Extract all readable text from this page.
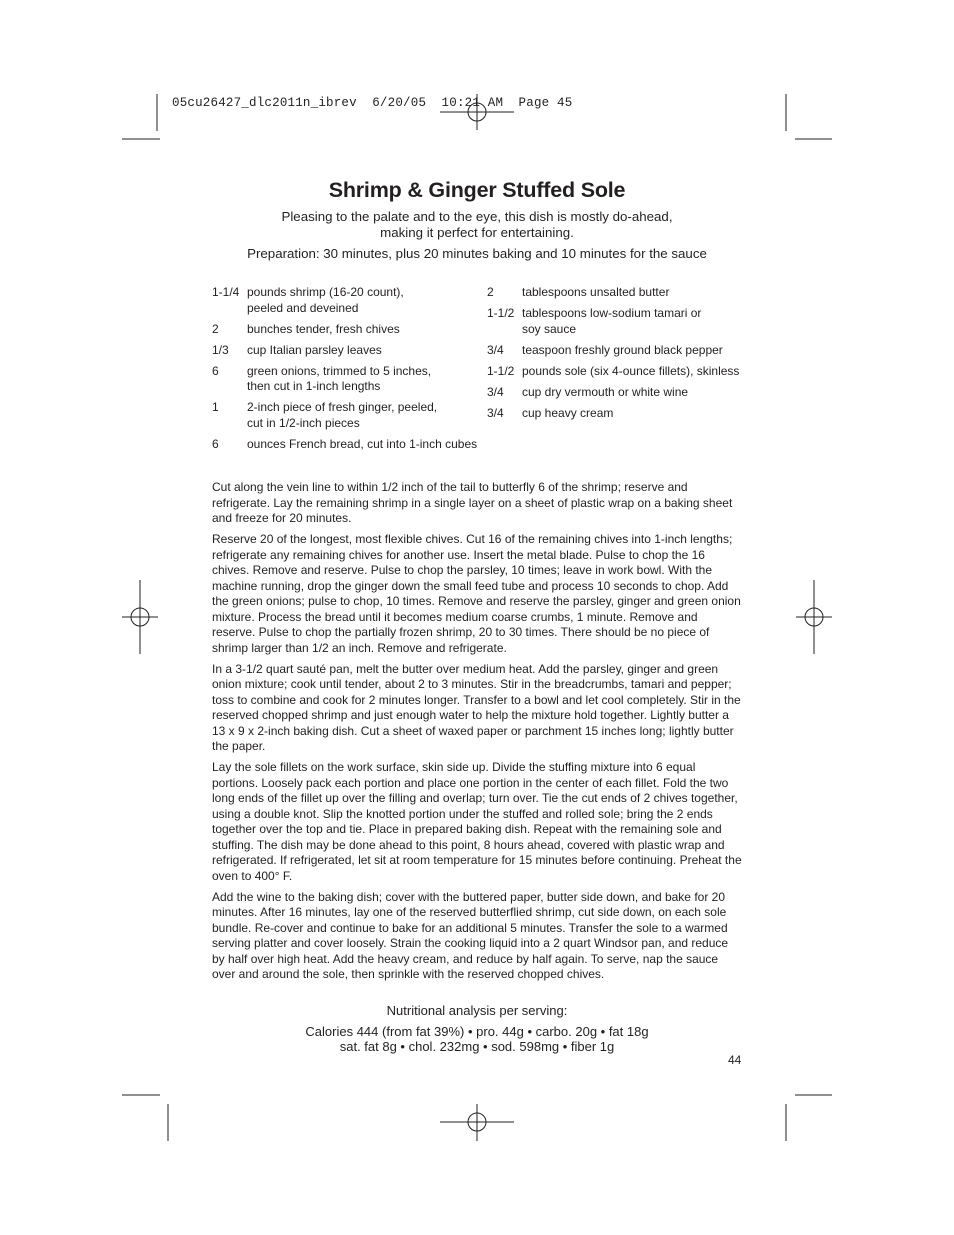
05cu26427_dlc2011n_ibrev  6/20/05  10:21 AM  Page 45
Shrimp & Ginger Stuffed Sole
Pleasing to the palate and to the eye, this dish is mostly do-ahead,
making it perfect for entertaining.
Preparation: 30 minutes, plus 20 minutes baking and 10 minutes for the sauce
1-1/4 pounds shrimp (16-20 count),
peeled and deveined
2	bunches tender, fresh chives
1/3	cup Italian parsley leaves
6	green onions, trimmed to 5 inches,
then cut in 1-inch lengths
1	2-inch piece of fresh ginger, peeled,
cut in 1/2-inch pieces
6	ounces French bread, cut into 1-inch cubes
2	tablespoons unsalted butter
1-1/2 tablespoons low-sodium tamari or
soy sauce
3/4	teaspoon freshly ground black pepper
1-1/2 pounds sole (six 4-ounce fillets), skinless
3/4	cup dry vermouth or white wine
3/4	cup heavy cream

Cut along the vein line to within 1/2 inch of the tail to butterfly 6 of the shrimp; reserve and refrigerate. Lay the remaining shrimp in a single layer on a sheet of plastic wrap on a baking sheet and freeze for 20 minutes.

Reserve 20 of the longest, most flexible chives. Cut 16 of the remaining chives into 1-inch lengths; refrigerate any remaining chives for another use. Insert the metal blade. Pulse to chop the 16 chives. Remove and reserve. Pulse to chop the parsley, 10 times; leave in work bowl. With the machine running, drop the ginger down the small feed tube and process 10 seconds to chop. Add the green onions; pulse to chop, 10 times. Remove and reserve the parsley, ginger and green onion mixture. Process the bread until it becomes medium coarse crumbs, 1 minute. Remove and reserve. Pulse to chop the partially frozen shrimp, 20 to 30 times. There should be no piece of shrimp larger than 1/2 an inch. Remove and refrigerate.

In a 3-1/2 quart sauté pan, melt the butter over medium heat. Add the parsley, ginger and green onion mixture; cook until tender, about 2 to 3 minutes. Stir in the breadcrumbs, tamari and pepper; toss to combine and cook for 2 minutes longer. Transfer to a bowl and let cool completely. Stir in the reserved chopped shrimp and just enough water to help the mixture hold together. Lightly butter a 13 x 9 x 2-inch baking dish. Cut a sheet of waxed paper or parchment 15 inches long; lightly butter the paper.

Lay the sole fillets on the work surface, skin side up. Divide the stuffing mixture into 6 equal portions. Loosely pack each portion and place one portion in the center of each fillet. Fold the two long ends of the fillet up over the filling and overlap; turn over. Tie the cut ends of 2 chives together, using a double knot. Slip the knotted portion under the stuffed and rolled sole; bring the 2 ends together over the top and tie. Place in prepared baking dish. Repeat with the remaining sole and stuffing. The dish may be done ahead to this point, 8 hours ahead, covered with plastic wrap and refrigerated. If refrigerated, let sit at room temperature for 15 minutes before continuing. Preheat the oven to 400° F.

Add the wine to the baking dish; cover with the buttered paper, butter side down, and bake for 20 minutes. After 16 minutes, lay one of the reserved butterflied shrimp, cut side down, on each sole bundle. Re-cover and continue to bake for an additional 5 minutes. Transfer the sole to a warmed serving platter and cover loosely. Strain the cooking liquid into a 2 quart Windsor pan, and reduce by half over high heat. Add the heavy cream, and reduce by half again. To serve, nap the sauce over and around the sole, then sprinkle with the reserved chopped chives.

Nutritional analysis per serving:
Calories 444 (from fat 39%) • pro. 44g • carbo. 20g • fat 18g
sat. fat 8g • chol. 232mg • sod. 598mg • fiber 1g
44
